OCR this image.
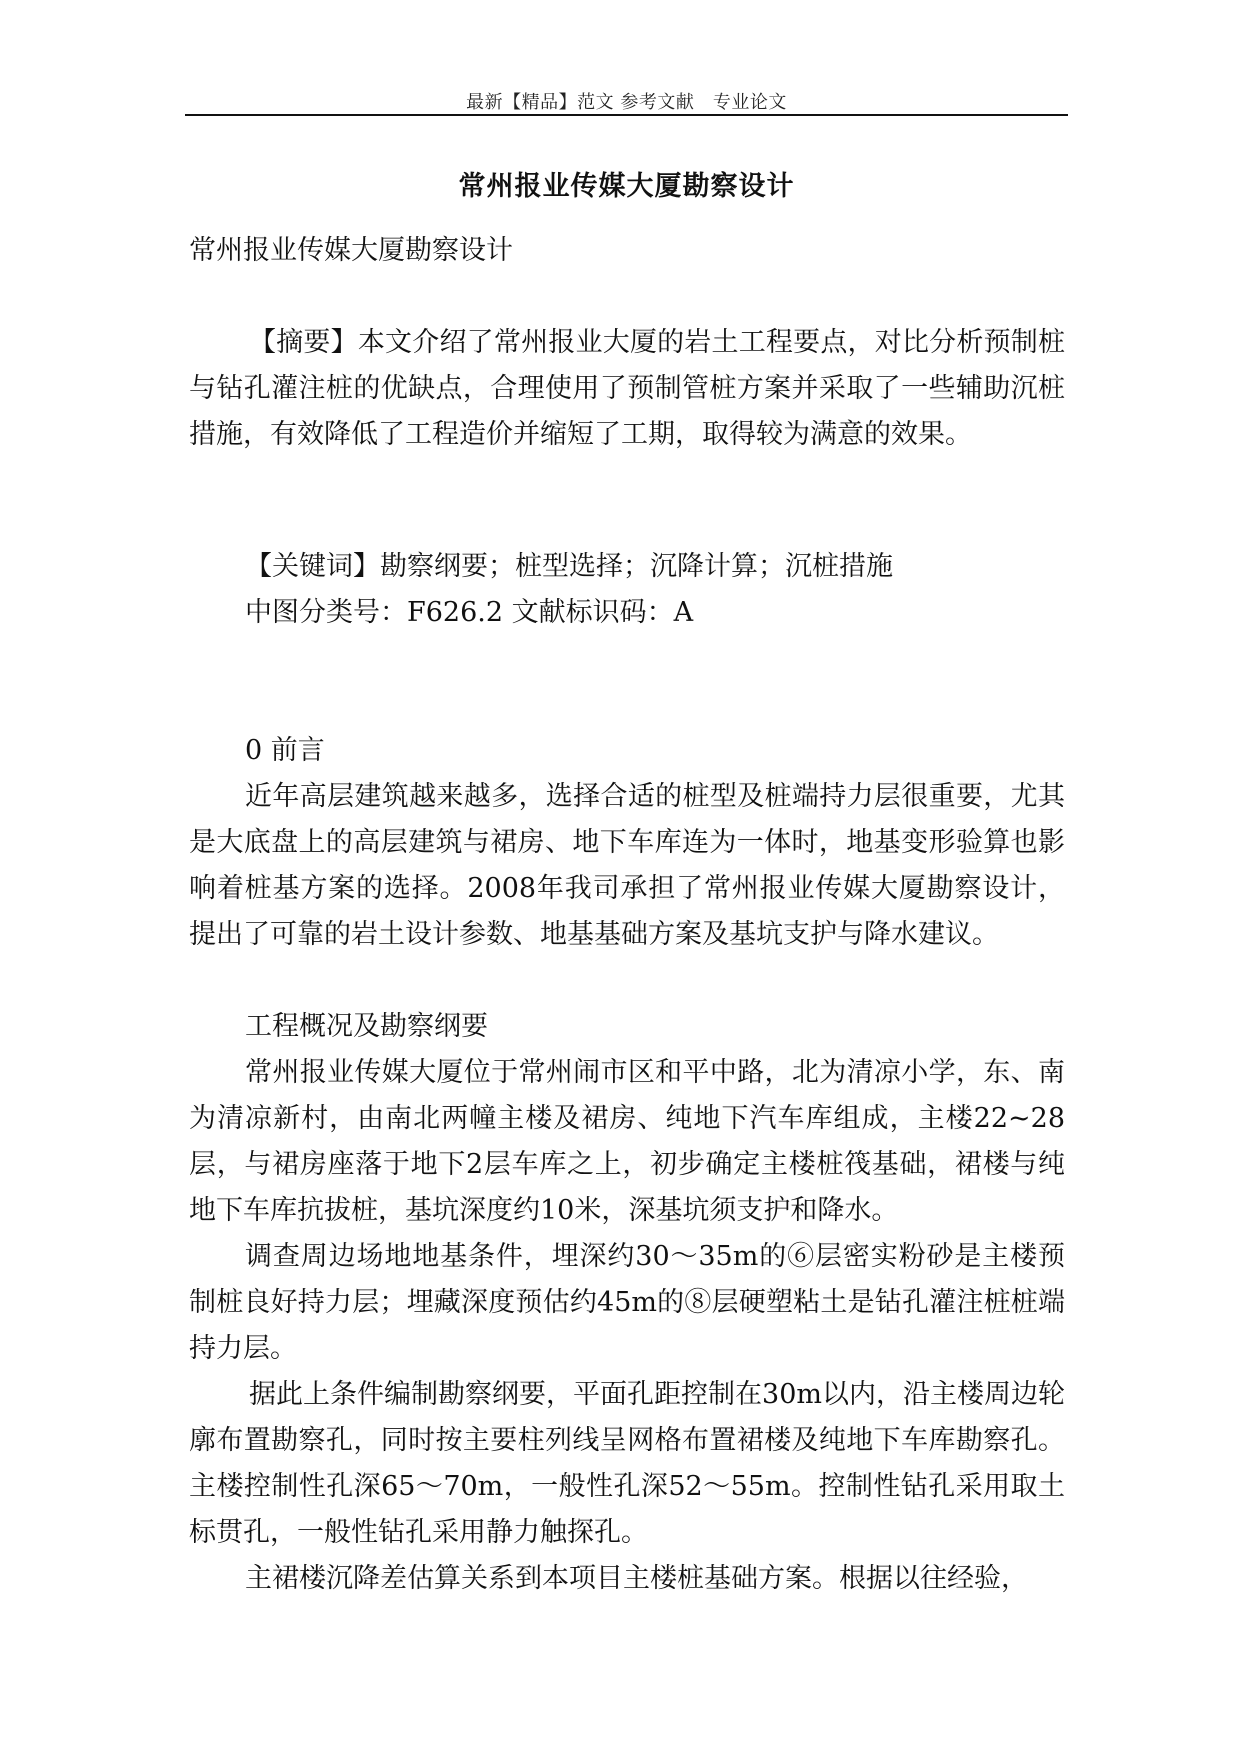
最新【精品】范文 参考文献　专业论文
常州报业传媒大厦勘察设计

常州报业传媒大厦勘察设计

【摘要】本文介绍了常州报业大厦的岩土工程要点，对比分析预制桩与钻孔灌注桩的优缺点，合理使用了预制管桩方案并采取了一些辅助沉桩措施，有效降低了工程造价并缩短了工期，取得较为满意的效果。

【关键词】勘察纲要；桩型选择；沉降计算；沉桩措施

中图分类号：F626.2 文献标识码：A

0 前言

近年高层建筑越来越多，选择合适的桩型及桩端持力层很重要，尤其是大底盘上的高层建筑与裙房、地下车库连为一体时，地基变形验算也影响着桩基方案的选择。2008年我司承担了常州报业传媒大厦勘察设计，提出了可靠的岩土设计参数、地基基础方案及基坑支护与降水建议。

工程概况及勘察纲要

常州报业传媒大厦位于常州闹市区和平中路，北为清凉小学，东、南为清凉新村，由南北两幢主楼及裙房、纯地下汽车库组成，主楼22~28层，与裙房座落于地下2层车库之上，初步确定主楼桩筏基础，裙楼与纯地下车库抗拔桩，基坑深度约10米，深基坑须支护和降水。

调查周边场地地基条件，埋深约30～35m的⑥层密实粉砂是主楼预制桩良好持力层；埋藏深度预估约45m的⑧层硬塑粘土是钻孔灌注桩桩端持力层。

据此上条件编制勘察纲要，平面孔距控制在30m以内，沿主楼周边轮廓布置勘察孔，同时按主要柱列线呈网格布置裙楼及纯地下车库勘察孔。主楼控制性孔深65～70m，一般性孔深52～55m。控制性钻孔采用取土标贯孔，一般性钻孔采用静力触探孔。

主裙楼沉降差估算关系到本项目主楼桩基础方案。根据以往经验，
